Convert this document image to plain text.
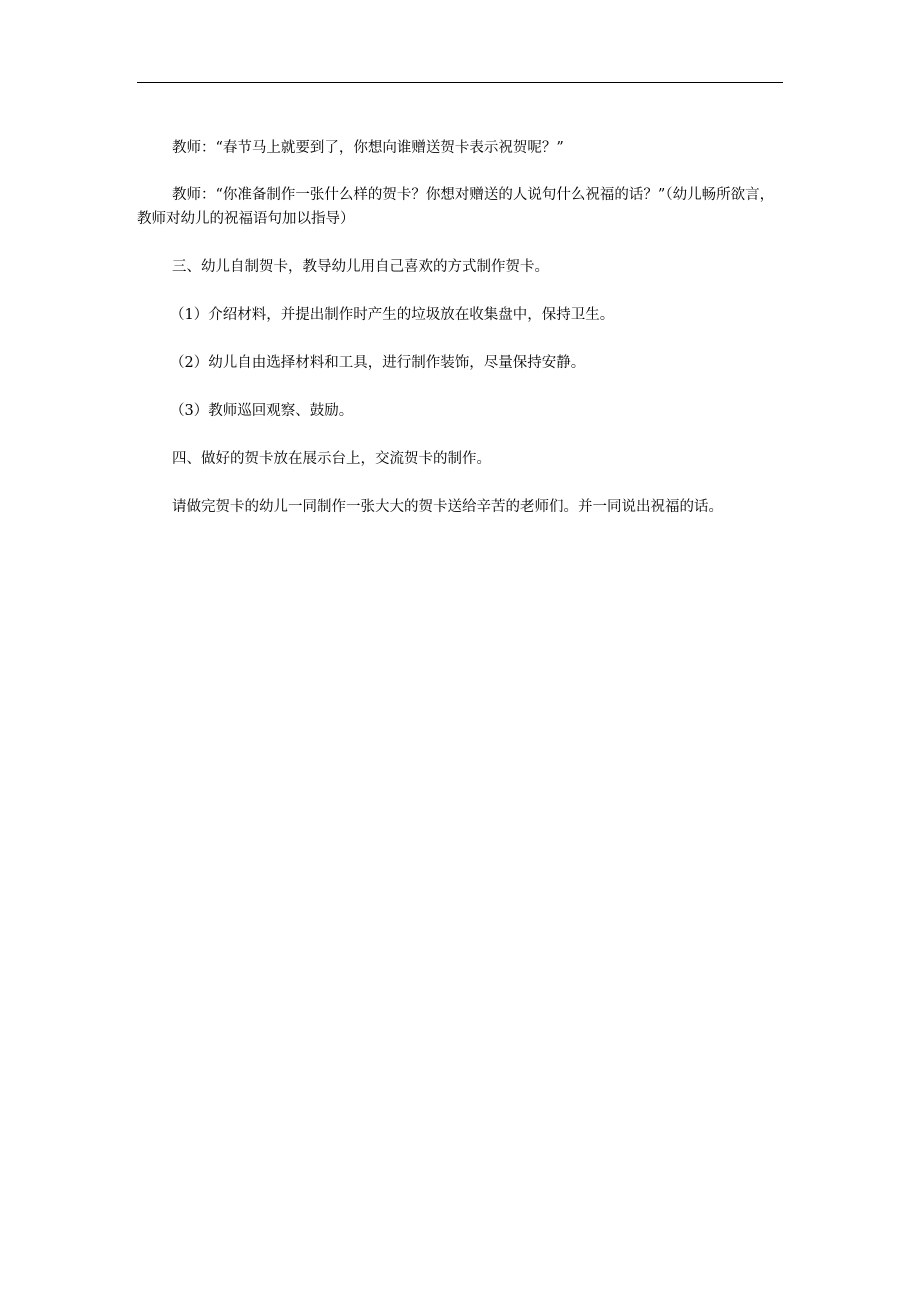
教师：“春节马上就要到了，你想向谁赠送贺卡表示祝贺呢？”

教师：“你准备制作一张什么样的贺卡？你想对赠送的人说句什么祝福的话？”（幼儿畅所欲言，教师对幼儿的祝福语句加以指导）

三、幼儿自制贺卡，教导幼儿用自己喜欢的方式制作贺卡。

（1）介绍材料，并提出制作时产生的垃圾放在收集盘中，保持卫生。

（2）幼儿自由选择材料和工具，进行制作装饰，尽量保持安静。

（3）教师巡回观察、鼓励。

四、做好的贺卡放在展示台上，交流贺卡的制作。

请做完贺卡的幼儿一同制作一张大大的贺卡送给辛苦的老师们。并一同说出祝福的话。
